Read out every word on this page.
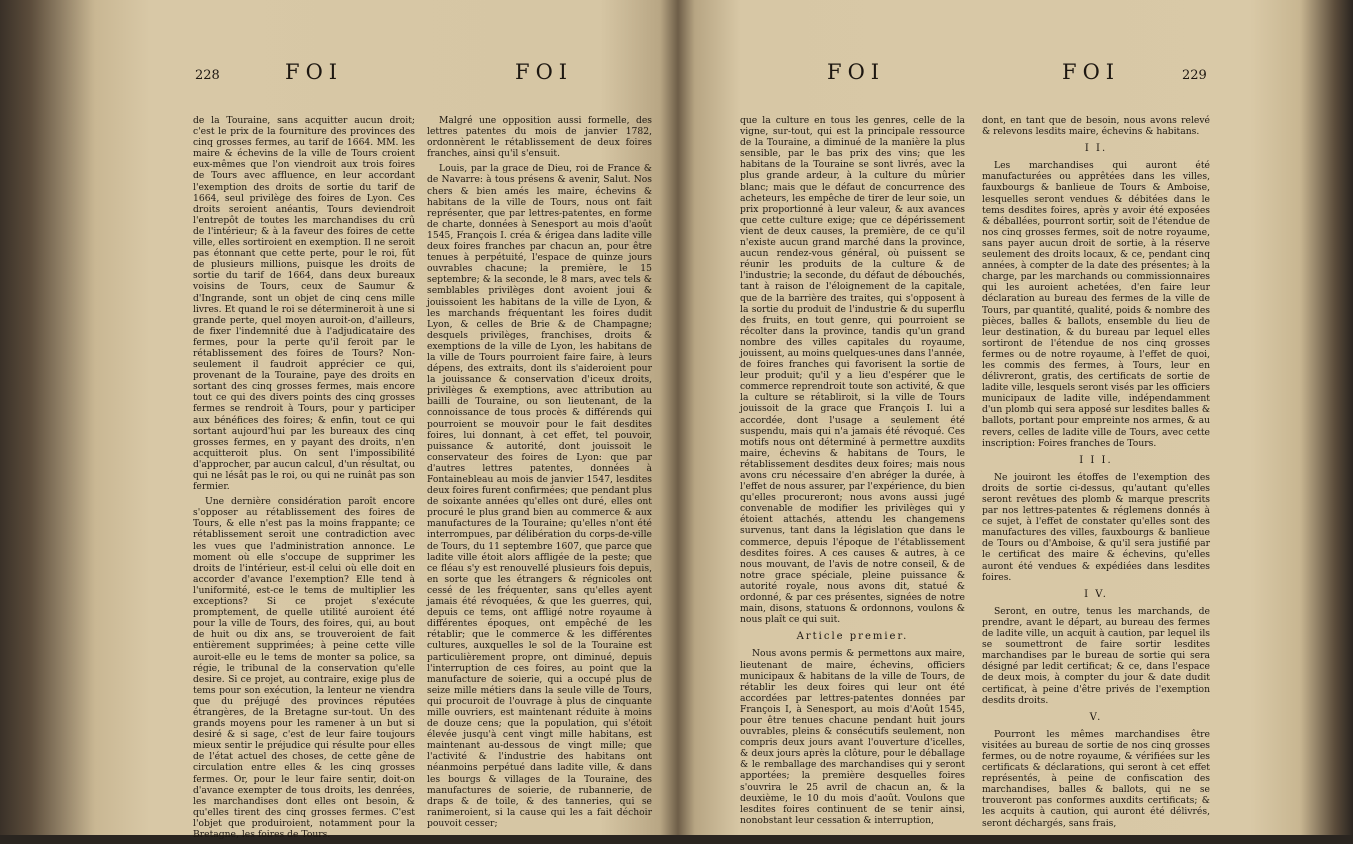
228	FOI	FOI

de la Touraine, sans acquitter aucun droit; c'est le prix de la fourniture des provinces des cinq grosses fermes, au tarif de 1664. MM. les maire & échevins de la ville de Tours croient eux-mêmes que l'on viendroit aux trois foires de Tours avec affluence, en leur accordant l'exemption des droits de sortie du tarif de 1664, seul privilège des foires de Lyon. Ces droits seroient anéantis, Tours deviendroit l'entrepôt de toutes les marchandises du crû de l'intérieur; & à la faveur des foires de cette ville, elles sortiroient en exemption. Il ne seroit pas étonnant que cette perte, pour le roi, fût de plusieurs millions, puisque les droits de sortie du tarif de 1664, dans deux bureaux voisins de Tours, ceux de Saumur & d'Ingrande, sont un objet de cinq cens mille livres. Et quand le roi se détermineroit à une si grande perte, quel moyen auroit-on, d'ailleurs, de fixer l'indemnité due à l'adjudicataire des fermes, pour la perte qu'il feroit par le rétablissement des foires de Tours? Non-seulement il faudroit apprécier ce qui, provenant de la Touraine, paye des droits en sortant des cinq grosses fermes, mais encore tout ce qui des divers points des cinq grosses fermes se rendroit à Tours, pour y participer aux bénéfices des foires; & enfin, tout ce qui sortant aujourd'hui par les bureaux des cinq grosses fermes, en y payant des droits, n'en acquitteroit plus. On sent l'impossibilité d'approcher, par aucun calcul, d'un résultat, ou qui ne lésât pas le roi, ou qui ne ruinât pas son fermier.

Une dernière considération paroît encore s'opposer au rétablissement des foires de Tours, & elle n'est pas la moins frappante; ce rétablissement seroit une contradiction avec les vues que l'administration annonce. Le moment où elle s'occupe de supprimer les droits de l'intérieur, est-il celui où elle doit en accorder d'avance l'exemption? Elle tend à l'uniformité, est-ce le tems de multiplier les exceptions? Si ce projet s'exécute promptement, de quelle utilité auroient été pour la ville de Tours, des foires, qui, au bout de huit ou dix ans, se trouveroient de fait entièrement supprimées; à peine cette ville auroit-elle eu le tems de monter sa police, sa régie, le tribunal de la conservation qu'elle desire. Si ce projet, au contraire, exige plus de tems pour son exécution, la lenteur ne viendra que du préjugé des provinces réputées étrangères, de la Bretagne sur-tout. Un des grands moyens pour les ramener à un but si desiré & si sage, c'est de leur faire toujours mieux sentir le préjudice qui résulte pour elles de l'état actuel des choses, de cette gêne de circulation entre elles & les cinq grosses fermes. Or, pour le leur faire sentir, doit-on d'avance exempter de tous droits, les denrées, les marchandises dont elles ont besoin, & qu'elles tirent des cinq grosses fermes. C'est l'objet que produiroient, notamment pour la Bretagne, les foires de Tours.

Malgré une opposition aussi formelle, des lettres patentes du mois de janvier 1782, ordonnèrent le rétablissement de deux foires franches, ainsi qu'il s'ensuit.

Louis, par la grace de Dieu, roi de France & de Navarre: à tous présens & avenir, Salut. Nos chers & bien amés les maire, échevins & habitans de la ville de Tours, nous ont fait représenter, que par lettres-patentes, en forme de charte, données à Senesport au mois d'août 1545, François I. créa & érigea dans ladite ville deux foires franches par chacun an, pour être tenues à perpétuité, l'espace de quinze jours ouvrables chacune; la première, le 15 septembre; & la seconde, le 8 mars, avec tels & semblables privilèges dont avoient joui & jouissoient les habitans de la ville de Lyon, & les marchands fréquentant les foires dudit Lyon, & celles de Brie & de Champagne; desquels privilèges, franchises, droits & exemptions de la ville de Lyon, les habitans de la ville de Tours pourroient faire faire, à leurs dépens, des extraits, dont ils s'aideroient pour la jouissance & conservation d'iceux droits, privilèges & exemptions, avec attribution au bailli de Touraine, ou son lieutenant, de la connoissance de tous procès & différends qui pourroient se mouvoir pour le fait desdites foires, lui donnant, à cet effet, tel pouvoir, puissance & autorité, dont jouissoit le conservateur des foires de Lyon: que par d'autres lettres patentes, données à Fontainebleau au mois de janvier 1547, lesdites deux foires furent confirmées; que pendant plus de soixante années qu'elles ont duré, elles ont procuré le plus grand bien au commerce & aux manufactures de la Touraine; qu'elles n'ont été interrompues, par délibération du corps-de-ville de Tours, du 11 septembre 1607, que parce que ladite ville étoit alors affligée de la peste; que ce fléau s'y est renouvellé plusieurs fois depuis, en sorte que les étrangers & régnicoles ont cessé de les fréquenter, sans qu'elles ayent jamais été révoquées, & que les guerres, qui, depuis ce tems, ont affligé notre royaume à différentes époques, ont empêché de les rétablir; que le commerce & les différentes cultures, auxquelles le sol de la Touraine est particulièrement propre, ont diminué, depuis l'interruption de ces foires, au point que la manufacture de soierie, qui a occupé plus de seize mille métiers dans la seule ville de Tours, qui procuroit de l'ouvrage à plus de cinquante mille ouvriers, est maintenant réduite à moins de douze cens; que la population, qui s'étoit élevée jusqu'à cent vingt mille habitans, est maintenant au-dessous de vingt mille; que l'activité & l'industrie des habitans ont néanmoins perpétué dans ladite ville, & dans les bourgs & villages de la Touraine, des manufactures de soierie, de rubannerie, de draps & de toile, & des tanneries, qui se ranimeroient, si la cause qui les a fait déchoir pouvoit cesser;

FOI	FOI	229

que la culture en tous les genres, celle de la vigne, sur-tout, qui est la principale ressource de la Touraine, a diminué de la manière la plus sensible, par le bas prix des vins; que les habitans de la Touraine se sont livrés, avec la plus grande ardeur, à la culture du mûrier blanc; mais que le défaut de concurrence des acheteurs, les empêche de tirer de leur soie, un prix proportionné à leur valeur, & aux avances que cette culture exige; que ce dépérissement vient de deux causes, la première, de ce qu'il n'existe aucun grand marché dans la province, aucun rendez-vous général, où puissent se réunir les produits de la culture & de l'industrie; la seconde, du défaut de débouchés, tant à raison de l'éloignement de la capitale, que de la barrière des traites, qui s'opposent à la sortie du produit de l'industrie & du superflu des fruits, en tout genre, qui pourroient se récolter dans la province, tandis qu'un grand nombre des villes capitales du royaume, jouissent, au moins quelques-unes dans l'année, de foires franches qui favorisent la sortie de leur produit; qu'il y a lieu d'espérer que le commerce reprendroit toute son activité, & que la culture se rétabliroit, si la ville de Tours jouissoit de la grace que François I. lui a accordée, dont l'usage a seulement été suspendu, mais qui n'a jamais été révoqué. Ces motifs nous ont déterminé à permettre auxdits maire, échevins & habitans de Tours, le rétablissement desdites deux foires; mais nous avons cru nécessaire d'en abréger la durée, à l'effet de nous assurer, par l'expérience, du bien qu'elles procureront; nous avons aussi jugé convenable de modifier les privilèges qui y étoient attachés, attendu les changemens survenus, tant dans la législation que dans le commerce, depuis l'époque de l'établissement desdites foires. A ces causes & autres, à ce nous mouvant, de l'avis de notre conseil, & de notre grace spéciale, pleine puissance & autorité royale, nous avons dit, statué & ordonné, & par ces présentes, signées de notre main, disons, statuons & ordonnons, voulons & nous plaît ce qui suit.

Article premier.

Nous avons permis & permettons aux maire, lieutenant de maire, échevins, officiers municipaux & habitans de la ville de Tours, de rétablir les deux foires qui leur ont été accordées par lettres-patentes données par François I, à Senesport, au mois d'Août 1545, pour être tenues chacune pendant huit jours ouvrables, pleins & consécutifs seulement, non compris deux jours avant l'ouverture d'icelles, & deux jours après la clôture, pour le déballage & le remballage des marchandises qui y seront apportées; la première desquelles foires s'ouvrira le 25 avril de chacun an, & la deuxième, le 10 du mois d'août. Voulons que lesdites foires continuent de se tenir ainsi, nonobstant leur cessation & interruption,

dont, en tant que de besoin, nous avons relevé & relevons lesdits maire, échevins & habitans.

I I.

Les marchandises qui auront été manufacturées ou apprêtées dans les villes, fauxbourgs & banlieue de Tours & Amboise, lesquelles seront vendues & débitées dans le tems desdites foires, après y avoir été exposées & déballées, pourront sortir, soit de l'étendue de nos cinq grosses fermes, soit de notre royaume, sans payer aucun droit de sortie, à la réserve seulement des droits locaux, & ce, pendant cinq années, à compter de la date des présentes; à la charge, par les marchands ou commissionnaires qui les auroient achetées, d'en faire leur déclaration au bureau des fermes de la ville de Tours, par quantité, qualité, poids & nombre des pièces, balles & ballots, ensemble du lieu de leur destination, & du bureau par lequel elles sortiront de l'étendue de nos cinq grosses fermes ou de notre royaume, à l'effet de quoi, les commis des fermes, à Tours, leur en délivreront, gratis, des certificats de sortie de ladite ville, lesquels seront visés par les officiers municipaux de ladite ville, indépendamment d'un plomb qui sera apposé sur lesdites balles & ballots, portant pour empreinte nos armes, & au revers, celles de ladite ville de Tours, avec cette inscription: Foires franches de Tours.

I I I.

Ne jouiront les étoffes de l'exemption des droits de sortie ci-dessus, qu'autant qu'elles seront revêtues des plomb & marque prescrits par nos lettres-patentes & réglemens donnés à ce sujet, à l'effet de constater qu'elles sont des manufactures des villes, fauxbourgs & banlieue de Tours ou d'Amboise, & qu'il sera justifié par le certificat des maire & échevins, qu'elles auront été vendues & expédiées dans lesdites foires.

I V.

Seront, en outre, tenus les marchands, de prendre, avant le départ, au bureau des fermes de ladite ville, un acquit à caution, par lequel ils se soumettront de faire sortir lesdites marchandises par le bureau de sortie qui sera désigné par ledit certificat; & ce, dans l'espace de deux mois, à compter du jour & date dudit certificat, à peine d'être privés de l'exemption desdits droits.

V.

Pourront les mêmes marchandises être visitées au bureau de sortie de nos cinq grosses fermes, ou de notre royaume, & vérifiées sur les certificats & déclarations, qui seront à cet effet représentés, à peine de confiscation des marchandises, balles & ballots, qui ne se trouveront pas conformes auxdits certificats; & les acquits à caution, qui auront été délivrés, seront déchargés, sans frais,
